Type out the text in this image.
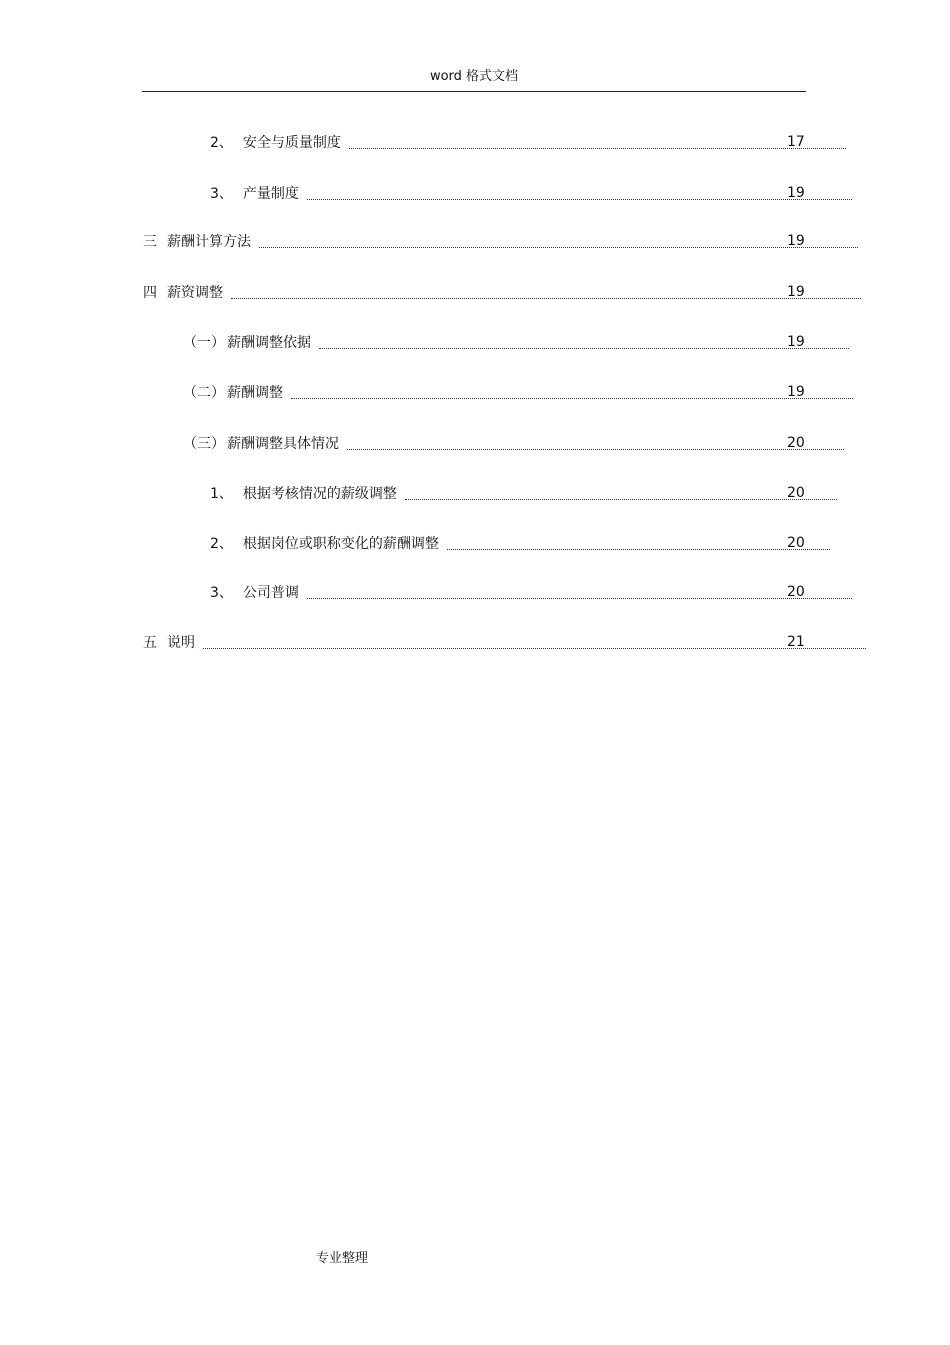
word 格式文档
2、 安全与质量制度	17
3、 产量制度	19
三 薪酬计算方法	19
四 薪资调整	19
（一） 薪酬调整依据	19
（二） 薪酬调整	19
（三） 薪酬调整具体情况	20
1、 根据考核情况的薪级调整	20
2、 根据岗位或职称变化的薪酬调整	20
3、 公司普调	20
五 说明	21
专业整理
